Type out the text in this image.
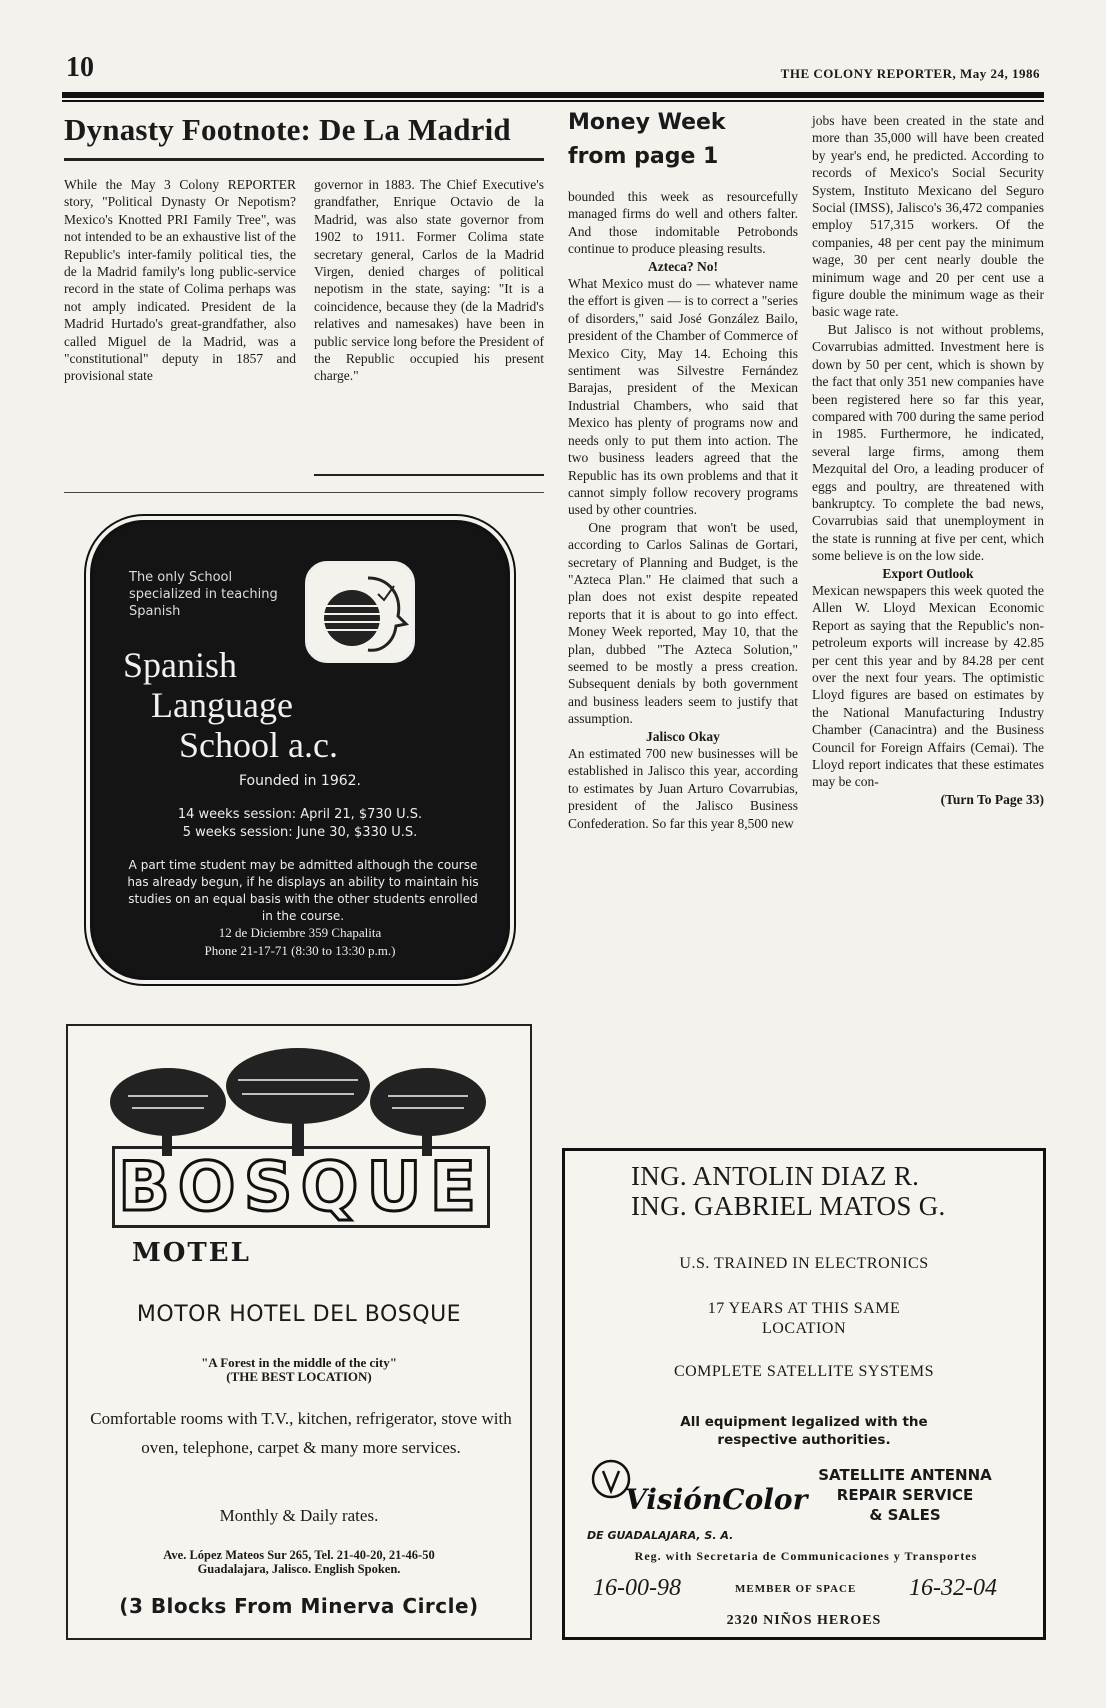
10	THE COLONY REPORTER, May 24, 1986
Dynasty Footnote: De La Madrid
While the May 3 Colony REPORTER story, "Political Dynasty Or Nepotism? Mexico's Knotted PRI Family Tree", was not intended to be an exhaustive list of the Republic's inter-family political ties, the de la Madrid family's long public-service record in the state of Colima perhaps was not amply indicated. President de la Madrid Hurtado's great-grandfather, also called Miguel de la Madrid, was a "constitutional" deputy in 1857 and provisional state
governor in 1883. The Chief Executive's grandfather, Enrique Octavio de la Madrid, was also state governor from 1902 to 1911. Former Colima state secretary general, Carlos de la Madrid Virgen, denied charges of political nepotism in the state, saying: "It is a coincidence, because they (de la Madrid's relatives and namesakes) have been in public service long before the President of the Republic occupied his present charge."
The only School specialized in teaching Spanish
Spanish
Language
School a.c.
Founded in 1962.
14 weeks session: April 21, $730 U.S.
5 weeks session: June 30, $330 U.S.
A part time student may be admitted although the course has already begun, if he displays an ability to maintain his studies on an equal basis with the other students enrolled in the course.
12 de Diciembre 359 Chapalita
Phone 21-17-71 (8:30 to 13:30 p.m.)
BOSQUE
MOTEL
MOTOR HOTEL DEL BOSQUE
"A Forest in the middle of the city"
(THE BEST LOCATION)
Comfortable rooms with T.V., kitchen, refrigerator, stove with oven, telephone, carpet & many more services.
Monthly & Daily rates.
Ave. López Mateos Sur 265, Tel. 21-40-20, 21-46-50
Guadalajara, Jalisco. English Spoken.
(3 Blocks From Minerva Circle)
Money Week
from page 1
bounded this week as resourcefully managed firms do well and others falter. And those indomitable Petrobonds continue to produce pleasing results.
Azteca? No!
What Mexico must do — whatever name the effort is given — is to correct a "series of disorders," said José González Bailo, president of the Chamber of Commerce of Mexico City, May 14. Echoing this sentiment was Silvestre Fernández Barajas, president of the Mexican Industrial Chambers, who said that Mexico has plenty of programs now and needs only to put them into action. The two business leaders agreed that the Republic has its own problems and that it cannot simply follow recovery programs used by other countries.
One program that won't be used, according to Carlos Salinas de Gortari, secretary of Planning and Budget, is the "Azteca Plan." He claimed that such a plan does not exist despite repeated reports that it is about to go into effect. Money Week reported, May 10, that the plan, dubbed "The Azteca Solution," seemed to be mostly a press creation. Subsequent denials by both government and business leaders seem to justify that assumption.
Jalisco Okay
An estimated 700 new businesses will be established in Jalisco this year, according to estimates by Juan Arturo Covarrubias, president of the Jalisco Business Confederation. So far this year 8,500 new
jobs have been created in the state and more than 35,000 will have been created by year's end, he predicted. According to records of Mexico's Social Security System, Instituto Mexicano del Seguro Social (IMSS), Jalisco's 36,472 companies employ 517,315 workers. Of the companies, 48 per cent pay the minimum wage, 30 per cent nearly double the minimum wage and 20 per cent use a figure double the minimum wage as their basic wage rate.
But Jalisco is not without problems, Covarrubias admitted. Investment here is down by 50 per cent, which is shown by the fact that only 351 new companies have been registered here so far this year, compared with 700 during the same period in 1985. Furthermore, he indicated, several large firms, among them Mezquital del Oro, a leading producer of eggs and poultry, are threatened with bankruptcy. To complete the bad news, Covarrubias said that unemployment in the state is running at five per cent, which some believe is on the low side.
Export Outlook
Mexican newspapers this week quoted the Allen W. Lloyd Mexican Economic Report as saying that the Republic's non-petroleum exports will increase by 42.85 per cent this year and by 84.28 per cent over the next four years. The optimistic Lloyd figures are based on estimates by the National Manufacturing Industry Chamber (Canacintra) and the Business Council for Foreign Affairs (Cemai). The Lloyd report indicates that these estimates may be con-
(Turn To Page 33)
ING. ANTOLIN DIAZ R.
ING. GABRIEL MATOS G.
U.S. TRAINED IN ELECTRONICS
17 YEARS AT THIS SAME
LOCATION
COMPLETE SATELLITE SYSTEMS
All equipment legalized with the
respective authorities.
VisiónColor
DE GUADALAJARA, S. A.
SATELLITE ANTENNA
REPAIR SERVICE
& SALES
Reg. with Secretaria de Communicaciones y Transportes
16-00-98	MEMBER OF SPACE 16-32-04
2320 NIÑOS HEROES
